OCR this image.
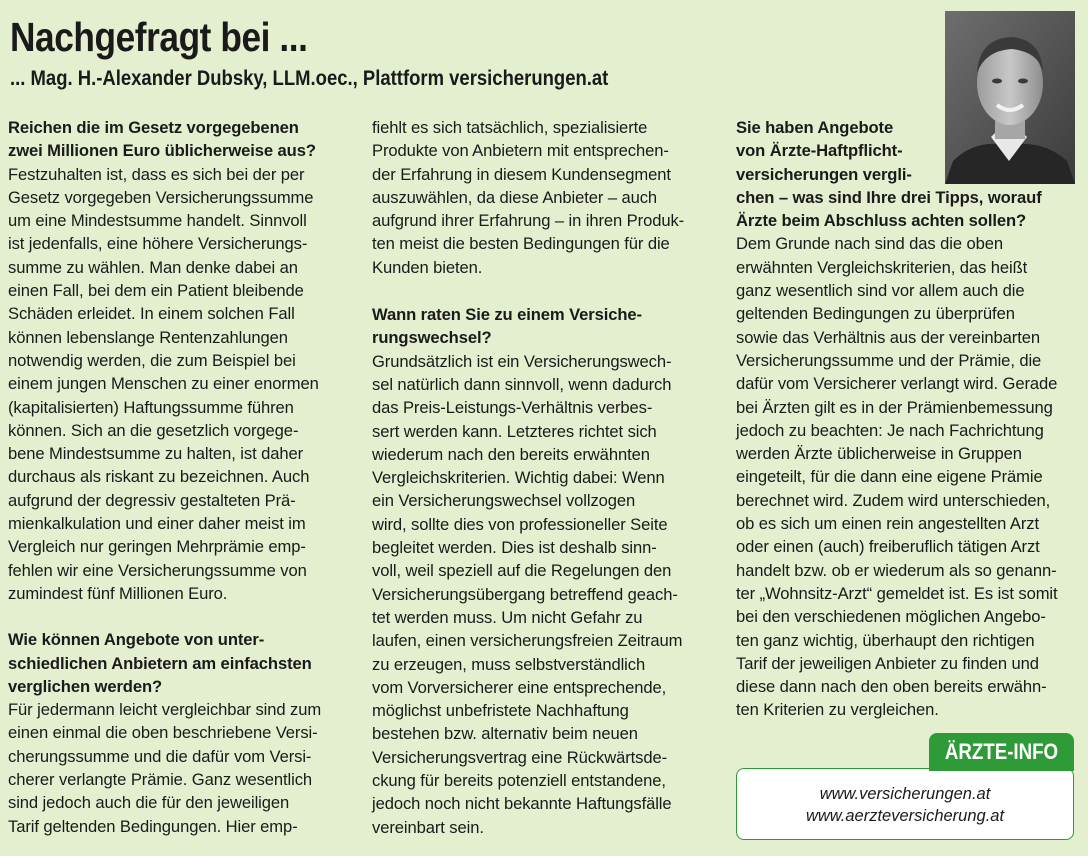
Nachgefragt bei ...
... Mag. H.-Alexander Dubsky, LLM.oec., Plattform versicherungen.at

Reichen die im Gesetz vorgegebenen
zwei Millionen Euro üblicherweise aus?

Festzuhalten ist, dass es sich bei der per
Gesetz vorgegeben Versicherungssumme
um eine Mindestsumme handelt. Sinnvoll
ist jedenfalls, eine höhere Versicherungs-
summe zu wählen. Man denke dabei an
einen Fall, bei dem ein Patient bleibende
Schäden erleidet. In einem solchen Fall
können lebenslange Rentenzahlungen
notwendig werden, die zum Beispiel bei
einem jungen Menschen zu einer enormen
(kapitalisierten) Haftungssumme führen
können. Sich an die gesetzlich vorgege-
bene Mindestsumme zu halten, ist daher
durchaus als riskant zu bezeichnen. Auch
aufgrund der degressiv gestalteten Prä-
mienkalkulation und einer daher meist im
Vergleich nur geringen Mehrprämie emp-
fehlen wir eine Versicherungssumme von
zumindest fünf Millionen Euro.

Wie können Angebote von unter-
schiedlichen Anbietern am einfachsten
verglichen werden?

Für jedermann leicht vergleichbar sind zum
einen einmal die oben beschriebene Versi-
cherungssumme und die dafür vom Versi-
cherer verlangte Prämie. Ganz wesentlich
sind jedoch auch die für den jeweiligen
Tarif geltenden Bedingungen. Hier emp-

fiehlt es sich tatsächlich, spezialisierte
Produkte von Anbietern mit entsprechen-
der Erfahrung in diesem Kundensegment
auszuwählen, da diese Anbieter – auch
aufgrund ihrer Erfahrung – in ihren Produk-
ten meist die besten Bedingungen für die
Kunden bieten.

Wann raten Sie zu einem Versiche-
rungswechsel?

Grundsätzlich ist ein Versicherungswech-
sel natürlich dann sinnvoll, wenn dadurch
das Preis-Leistungs-Verhältnis verbes-
sert werden kann. Letzteres richtet sich
wiederum nach den bereits erwähnten
Vergleichskriterien. Wichtig dabei: Wenn
ein Versicherungswechsel vollzogen
wird, sollte dies von professioneller Seite
begleitet werden. Dies ist deshalb sinn-
voll, weil speziell auf die Regelungen den
Versicherungsübergang betreffend geach-
tet werden muss. Um nicht Gefahr zu
laufen, einen versicherungsfreien Zeitraum
zu erzeugen, muss selbstverständlich
vom Vorversicherer eine entsprechende,
möglichst unbefristete Nachhaftung
bestehen bzw. alternativ beim neuen
Versicherungsvertrag eine Rückwärtsde-
ckung für bereits potenziell entstandene,
jedoch noch nicht bekannte Haftungsfälle
vereinbart sein.

Sie haben Angebote
von Ärzte-Haftpflicht-
versicherungen vergli-
chen – was sind Ihre drei Tipps, worauf
Ärzte beim Abschluss achten sollen?

Dem Grunde nach sind das die oben
erwähnten Vergleichskriterien, das heißt
ganz wesentlich sind vor allem auch die
geltenden Bedingungen zu überprüfen
sowie das Verhältnis aus der vereinbarten
Versicherungssumme und der Prämie, die
dafür vom Versicherer verlangt wird. Gerade
bei Ärzten gilt es in der Prämienbemessung
jedoch zu beachten: Je nach Fachrichtung
werden Ärzte üblicherweise in Gruppen
eingeteilt, für die dann eine eigene Prämie
berechnet wird. Zudem wird unterschieden,
ob es sich um einen rein angestellten Arzt
oder einen (auch) freiberuflich tätigen Arzt
handelt bzw. ob er wiederum als so genann-
ter „Wohnsitz-Arzt“ gemeldet ist. Es ist somit
bei den verschiedenen möglichen Angebo-
ten ganz wichtig, überhaupt den richtigen
Tarif der jeweiligen Anbieter zu finden und
diese dann nach den oben bereits erwähn-
ten Kriterien zu vergleichen.

www.versicherungen.at
www.aerzteversicherung.at
ÄRZTE-INFO
